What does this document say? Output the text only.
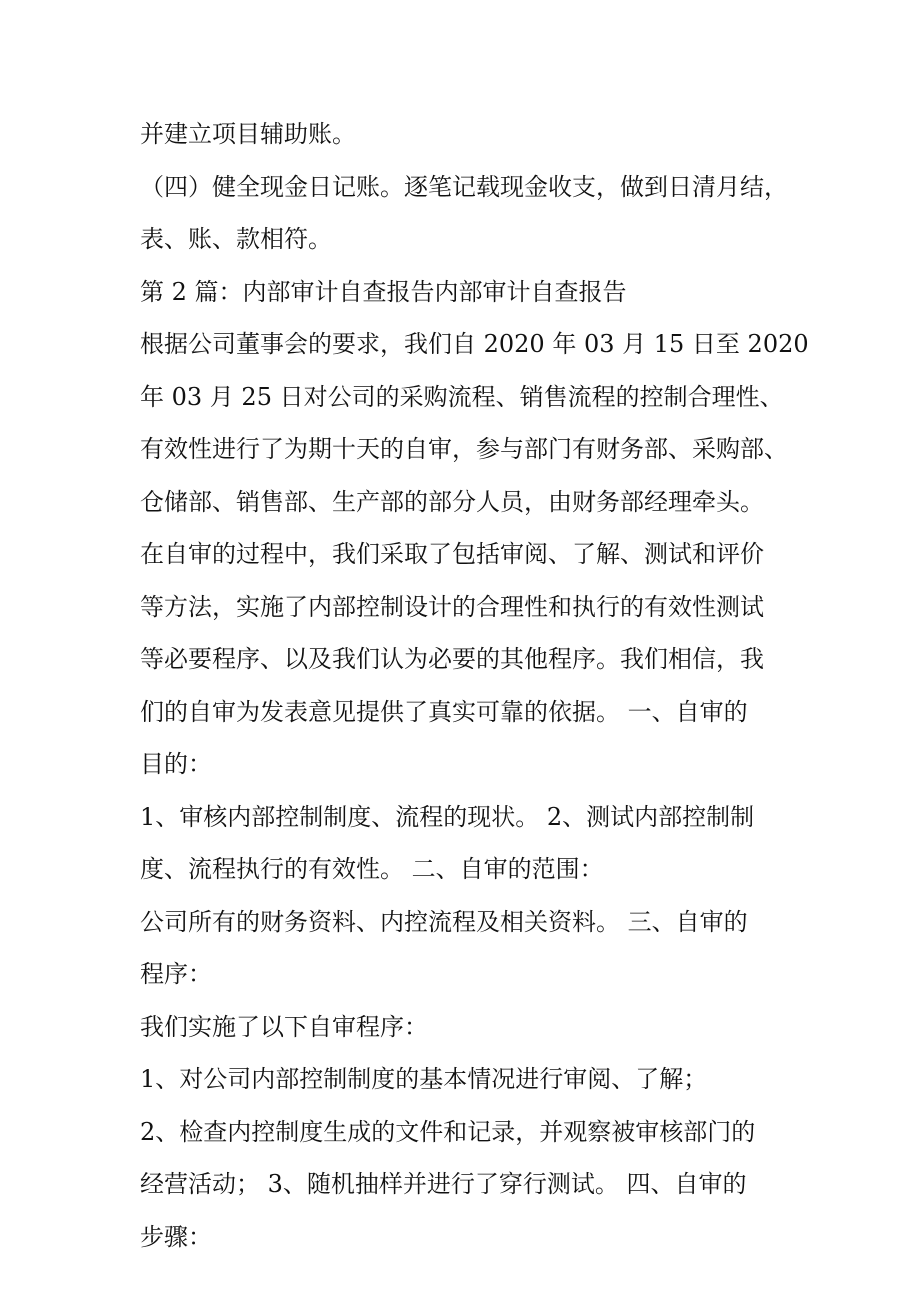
并建立项目辅助账。
（四）健全现金日记账。逐笔记载现金收支，做到日清月结，
表、账、款相符。
第 2 篇：内部审计自查报告内部审计自查报告
根据公司董事会的要求，我们自 2020 年 03 月 15 日至 2020
年 03 月 25 日对公司的采购流程、销售流程的控制合理性、
有效性进行了为期十天的自审，参与部门有财务部、采购部、
仓储部、销售部、生产部的部分人员，由财务部经理牵头。
在自审的过程中，我们采取了包括审阅、了解、测试和评价
等方法，实施了内部控制设计的合理性和执行的有效性测试
等必要程序、以及我们认为必要的其他程序。我们相信，我
们的自审为发表意见提供了真实可靠的依据。 一、自审的
目的：
1、审核内部控制制度、流程的现状。 2、测试内部控制制
度、流程执行的有效性。 二、自审的范围：
公司所有的财务资料、内控流程及相关资料。 三、自审的
程序：
我们实施了以下自审程序：
1、对公司内部控制制度的基本情况进行审阅、了解；
2、检查内控制度生成的文件和记录，并观察被审核部门的
经营活动； 3、随机抽样并进行了穿行测试。 四、自审的
步骤：
